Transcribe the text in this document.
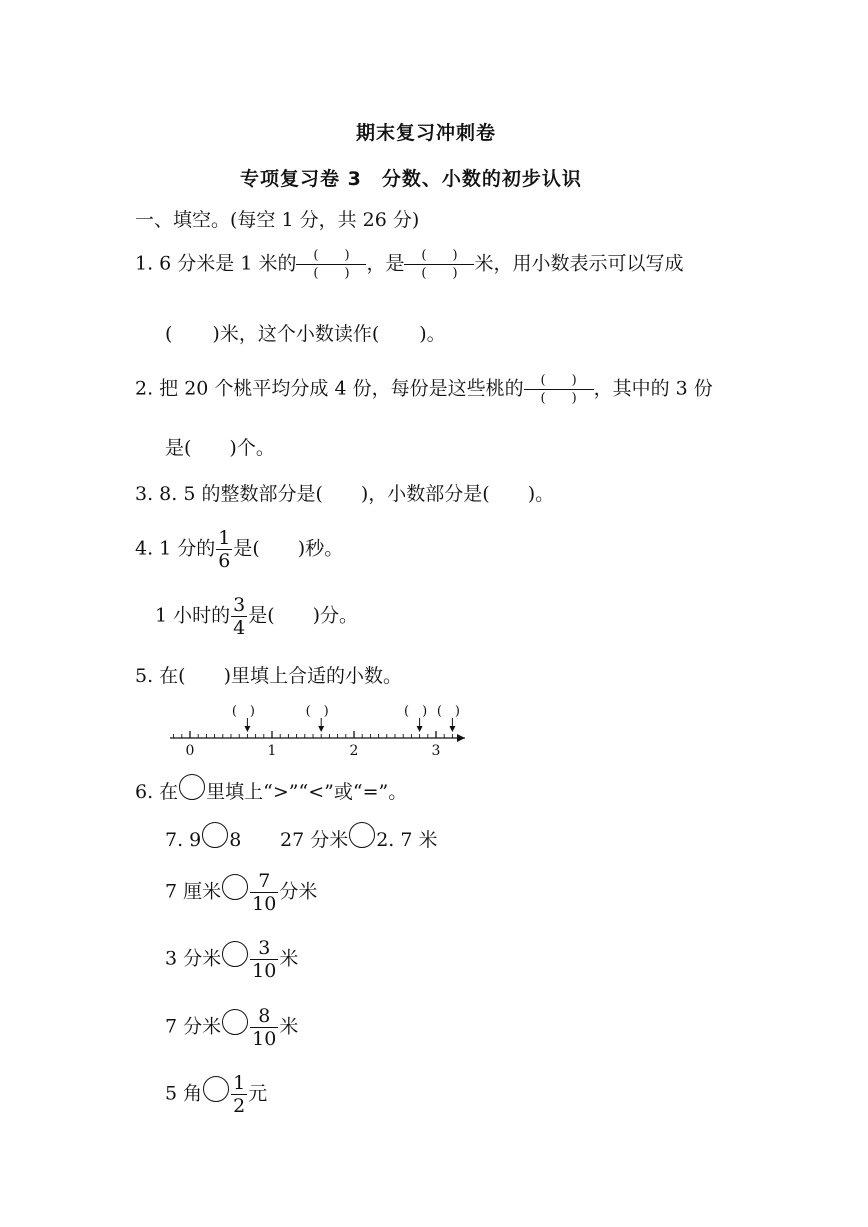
期末复习冲刺卷
专项复习卷 3　分数、小数的初步认识
一、填空。(每空 1 分，共 26 分)
1. 6 分米是 1 米的 $\frac{( )}{( )}$ ，是 $\frac{( )}{( )}$ 米，用小数表示可以写成
( )米，这个小数读作( )。
2. 把 20 个桃平均分成 4 份，每份是这些桃的 $\frac{( )}{( )}$ ，其中的 3 份
是(　　)个。
3. 8. 5 的整数部分是(　　)，小数部分是(　　)。
4. 1 分的 $\frac{1}{6}$ 是(　　)秒。
1 小时的 $\frac{3}{4}$ 是(　　)分。
5. 在(　　)里填上合适的小数。
0	1	2	3
(　)	(　)	(　) (　)
6. 在 里填上“>”“<”或“=”。
7. 9 8 27 分米 2. 7 米
7 厘米 $\frac{7}{10}$ 分米
3 分米 $\frac{3}{10}$ 米
7 分米 $\frac{8}{10}$ 米
5 角 $\frac{1}{2}$ 元
